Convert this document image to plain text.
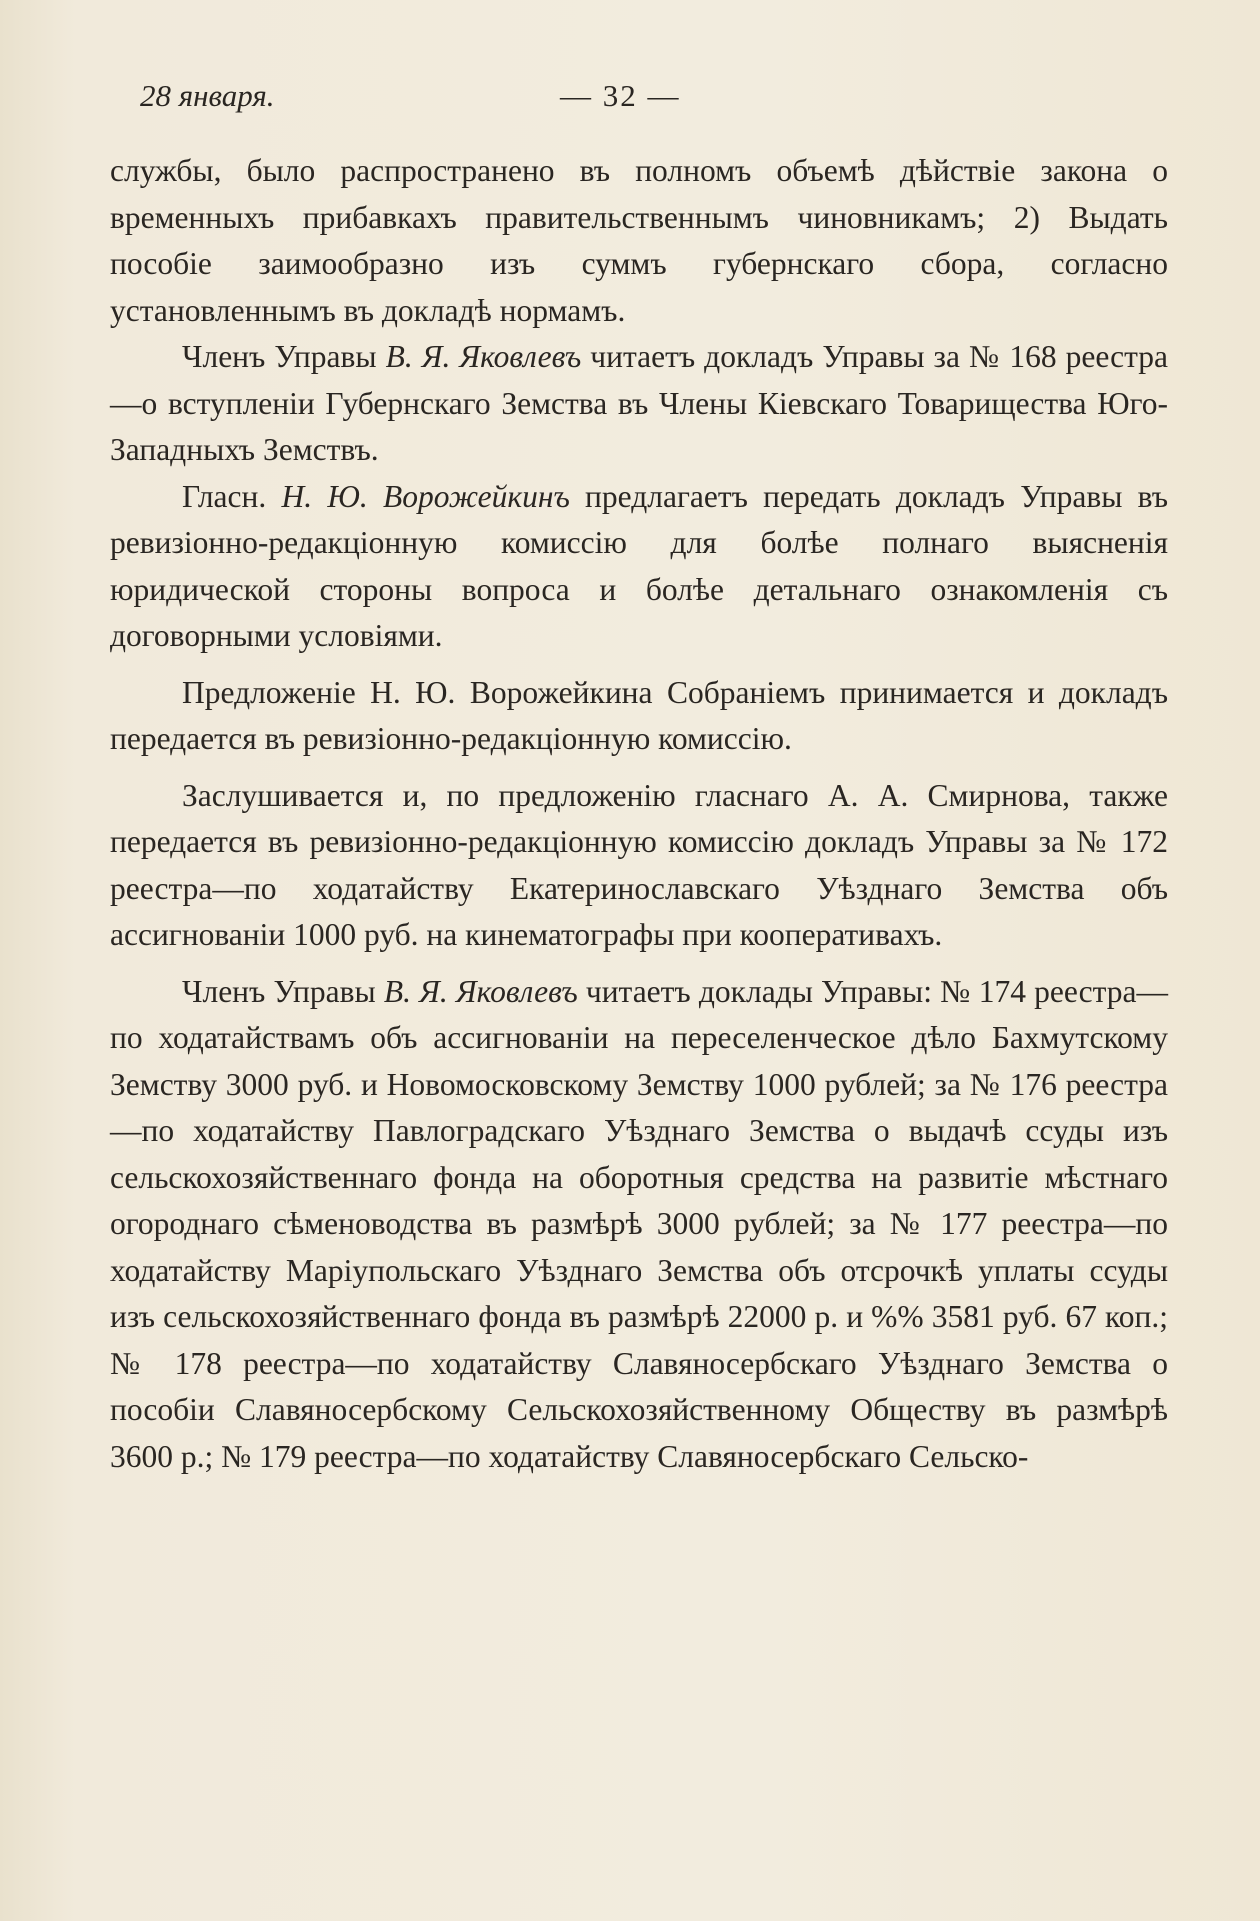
28 января.	— 32 —

службы, было распространено въ полномъ объемѣ дѣйствіе закона о временныхъ прибавкахъ правительственнымъ чиновникамъ; 2) Выдать пособіе заимообразно изъ суммъ губернскаго сбора, согласно установленнымъ въ докладѣ нормамъ.

Членъ Управы В. Я. Яковлевъ читаетъ докладъ Управы за № 168 реестра—о вступленіи Губернскаго Земства въ Члены Кіевскаго Товарищества Юго-Западныхъ Земствъ.

Гласн. Н. Ю. Ворожейкинъ предлагаетъ передать докладъ Управы въ ревизіонно-редакціонную комиссію для болѣе полнаго выясненія юридической стороны вопроса и болѣе детальнаго ознакомленія съ договорными условіями.

Предложеніе Н. Ю. Ворожейкина Собраніемъ принимается и докладъ передается въ ревизіонно-редакціонную комиссію.

Заслушивается и, по предложенію гласнаго А. А. Смирнова, также передается въ ревизіонно-редакціонную комиссію докладъ Управы за № 172 реестра—по ходатайству Екатеринославскаго Уѣзднаго Земства объ ассигнованіи 1000 руб. на кинематографы при кооперативахъ.

Членъ Управы В. Я. Яковлевъ читаетъ доклады Управы: № 174 реестра—по ходатайствамъ объ ассигнованіи на переселенческое дѣло Бахмутскому Земству 3000 руб. и Новомосковскому Земству 1000 рублей; за № 176 реестра—по ходатайству Павлоградскаго Уѣзднаго Земства о выдачѣ ссуды изъ сельскохозяйственнаго фонда на оборотныя средства на развитіе мѣстнаго огороднаго сѣменоводства въ размѣрѣ 3000 рублей; за № 177 реестра—по ходатайству Маріупольскаго Уѣзднаго Земства объ отсрочкѣ уплаты ссуды изъ сельскохозяйственнаго фонда въ размѣрѣ 22000 р. и %% 3581 руб. 67 коп.; № 178 реестра—по ходатайству Славяносербскаго Уѣзднаго Земства о пособіи Славяносербскому Сельскохозяйственному Обществу въ размѣрѣ 3600 р.; № 179 реестра—по ходатайству Славяносербскаго Сельско-
